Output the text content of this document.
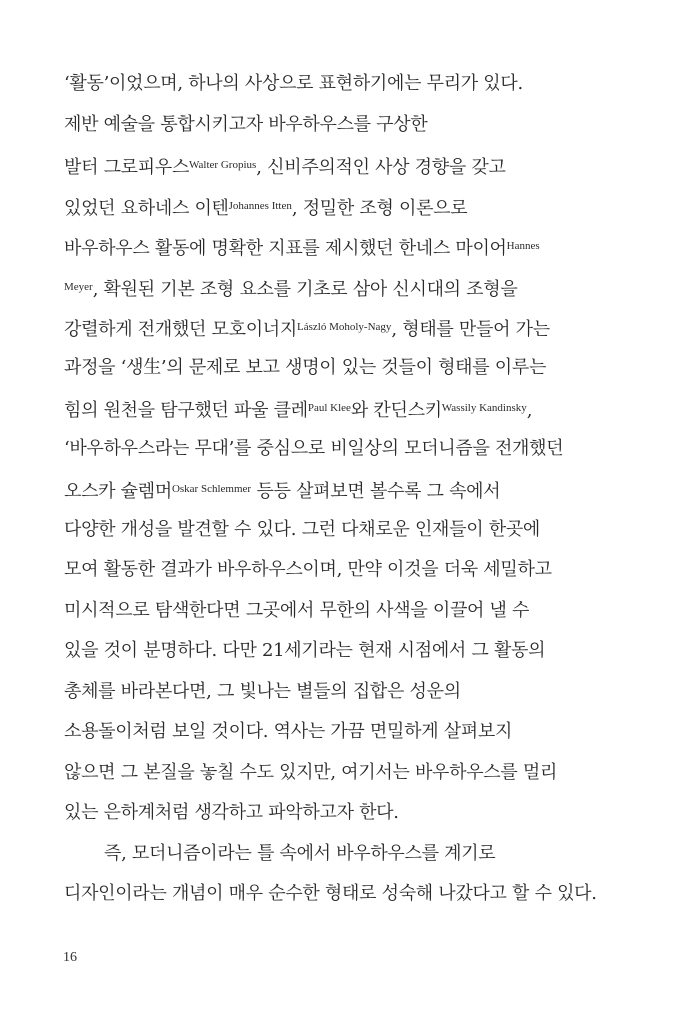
‘활동’이었으며, 하나의 사상으로 표현하기에는 무리가 있다.
제반 예술을 통합시키고자 바우하우스를 구상한
발터 그로피우스$^{Walter Gropius}$, 신비주의적인 사상 경향을 갖고
있었던 요하네스 이텐$^{Johannes Itten}$, 정밀한 조형 이론으로
바우하우스 활동에 명확한 지표를 제시했던 한네스 마이어$^{Hannes}$
$^{Meyer}$, 확원된 기본 조형 요소를 기초로 삼아 신시대의 조형을
강렬하게 전개했던 모호이너지$^{László Moholy-Nagy}$, 형태를 만들어 가는
과정을 ‘생生’의 문제로 보고 생명이 있는 것들이 형태를 이루는
힘의 원천을 탐구했던 파울 클레$^{Paul Klee}$와 칸딘스키$^{Wassily Kandinsky}$,
‘바우하우스라는 무대’를 중심으로 비일상의 모더니즘을 전개했던
오스카 슐렘머$^{Oskar Schlemmer}$ 등등 살펴보면 볼수록 그 속에서
다양한 개성을 발견할 수 있다. 그런 다채로운 인재들이 한곳에
모여 활동한 결과가 바우하우스이며, 만약 이것을 더욱 세밀하고
미시적으로 탐색한다면 그곳에서 무한의 사색을 이끌어 낼 수
있을 것이 분명하다. 다만 21세기라는 현재 시점에서 그 활동의
총체를 바라본다면, 그 빛나는 별들의 집합은 성운의
소용돌이처럼 보일 것이다. 역사는 가끔 면밀하게 살펴보지
않으면 그 본질을 놓칠 수도 있지만, 여기서는 바우하우스를 멀리
있는 은하계처럼 생각하고 파악하고자 한다.
즉, 모더니즘이라는 틀 속에서 바우하우스를 계기로
디자인이라는 개념이 매우 순수한 형태로 성숙해 나갔다고 할 수 있다.
16
